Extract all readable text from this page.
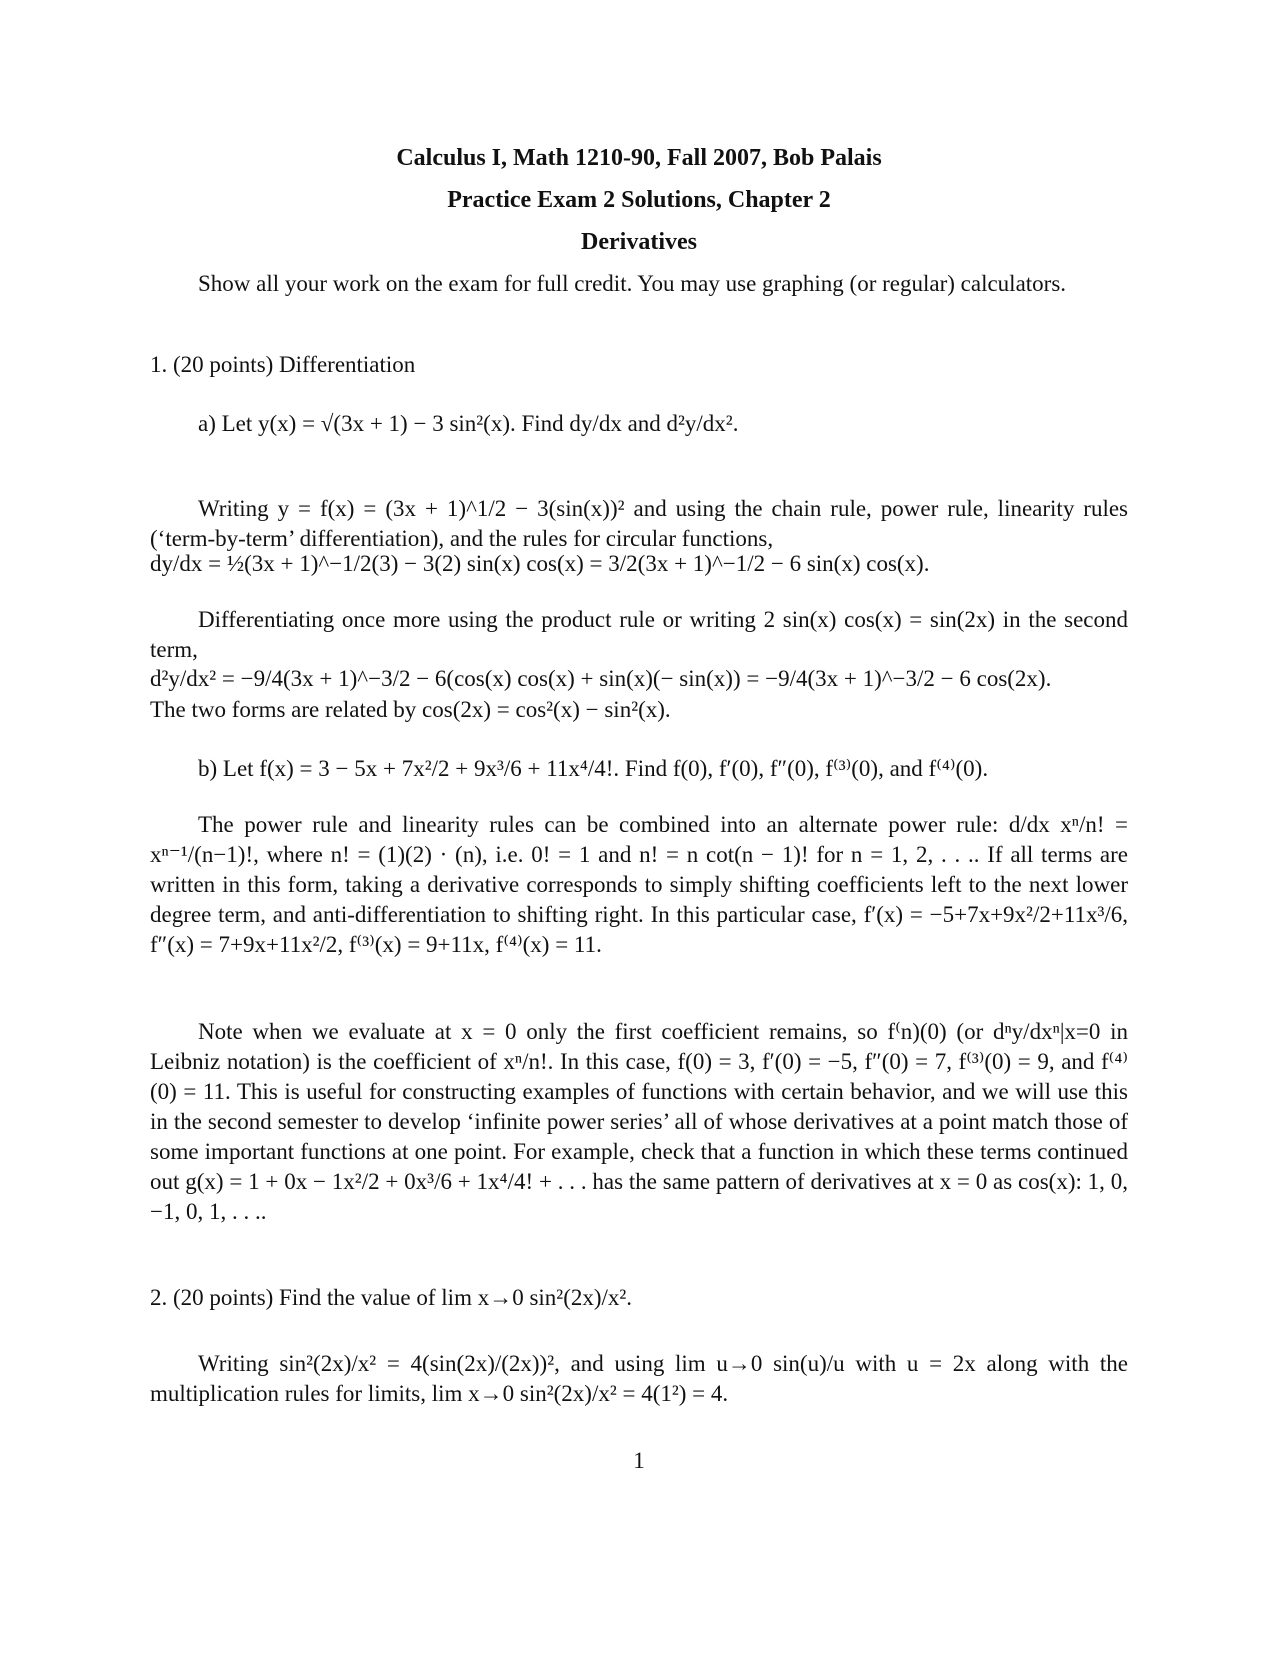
Calculus I, Math 1210-90, Fall 2007, Bob Palais
Practice Exam 2 Solutions, Chapter 2
Derivatives
Show all your work on the exam for full credit. You may use graphing (or regular) calculators.
1. (20 points) Differentiation
a) Let y(x) = √(3x + 1) − 3 sin²(x). Find dy/dx and d²y/dx².
Writing y = f(x) = (3x + 1)^1/2 − 3(sin(x))² and using the chain rule, power rule, linearity rules (‘term-by-term’ differentiation), and the rules for circular functions,
dy/dx = ½(3x + 1)^−1/2(3) − 3(2) sin(x) cos(x) = 3/2(3x + 1)^−1/2 − 6 sin(x) cos(x).
Differentiating once more using the product rule or writing 2 sin(x) cos(x) = sin(2x) in the second term,
d²y/dx² = −9/4(3x + 1)^−3/2 − 6(cos(x) cos(x) + sin(x)(− sin(x)) = −9/4(3x + 1)^−3/2 − 6 cos(2x).
The two forms are related by cos(2x) = cos²(x) − sin²(x).
b) Let f(x) = 3 − 5x + 7x²/2 + 9x³/6 + 11x⁴/4!. Find f(0), f′(0), f″(0), f⁽³⁾(0), and f⁽⁴⁾(0).
The power rule and linearity rules can be combined into an alternate power rule: d/dx xⁿ/n! = xⁿ⁻¹/(n−1)!, where n! = (1)(2) · (n), i.e. 0! = 1 and n! = n cot(n − 1)! for n = 1, 2, . . .. If all terms are written in this form, taking a derivative corresponds to simply shifting coefficients left to the next lower degree term, and anti-differentiation to shifting right. In this particular case, f′(x) = −5+7x+9x²/2+11x³/6, f″(x) = 7+9x+11x²/2, f⁽³⁾(x) = 9+11x, f⁽⁴⁾(x) = 11.
Note when we evaluate at x = 0 only the first coefficient remains, so f⁽n)(0) (or dⁿy/dxⁿ|x=0 in Leibniz notation) is the coefficient of xⁿ/n!. In this case, f(0) = 3, f′(0) = −5, f″(0) = 7, f⁽³⁾(0) = 9, and f⁽⁴⁾(0) = 11. This is useful for constructing examples of functions with certain behavior, and we will use this in the second semester to develop ‘infinite power series’ all of whose derivatives at a point match those of some important functions at one point. For example, check that a function in which these terms continued out g(x) = 1 + 0x − 1x²/2 + 0x³/6 + 1x⁴/4! + . . . has the same pattern of derivatives at x = 0 as cos(x): 1, 0, −1, 0, 1, . . ..
2. (20 points) Find the value of lim x→0 sin²(2x)/x².
Writing sin²(2x)/x² = 4(sin(2x)/(2x))², and using lim u→0 sin(u)/u with u = 2x along with the multiplication rules for limits, lim x→0 sin²(2x)/x² = 4(1²) = 4.
1
